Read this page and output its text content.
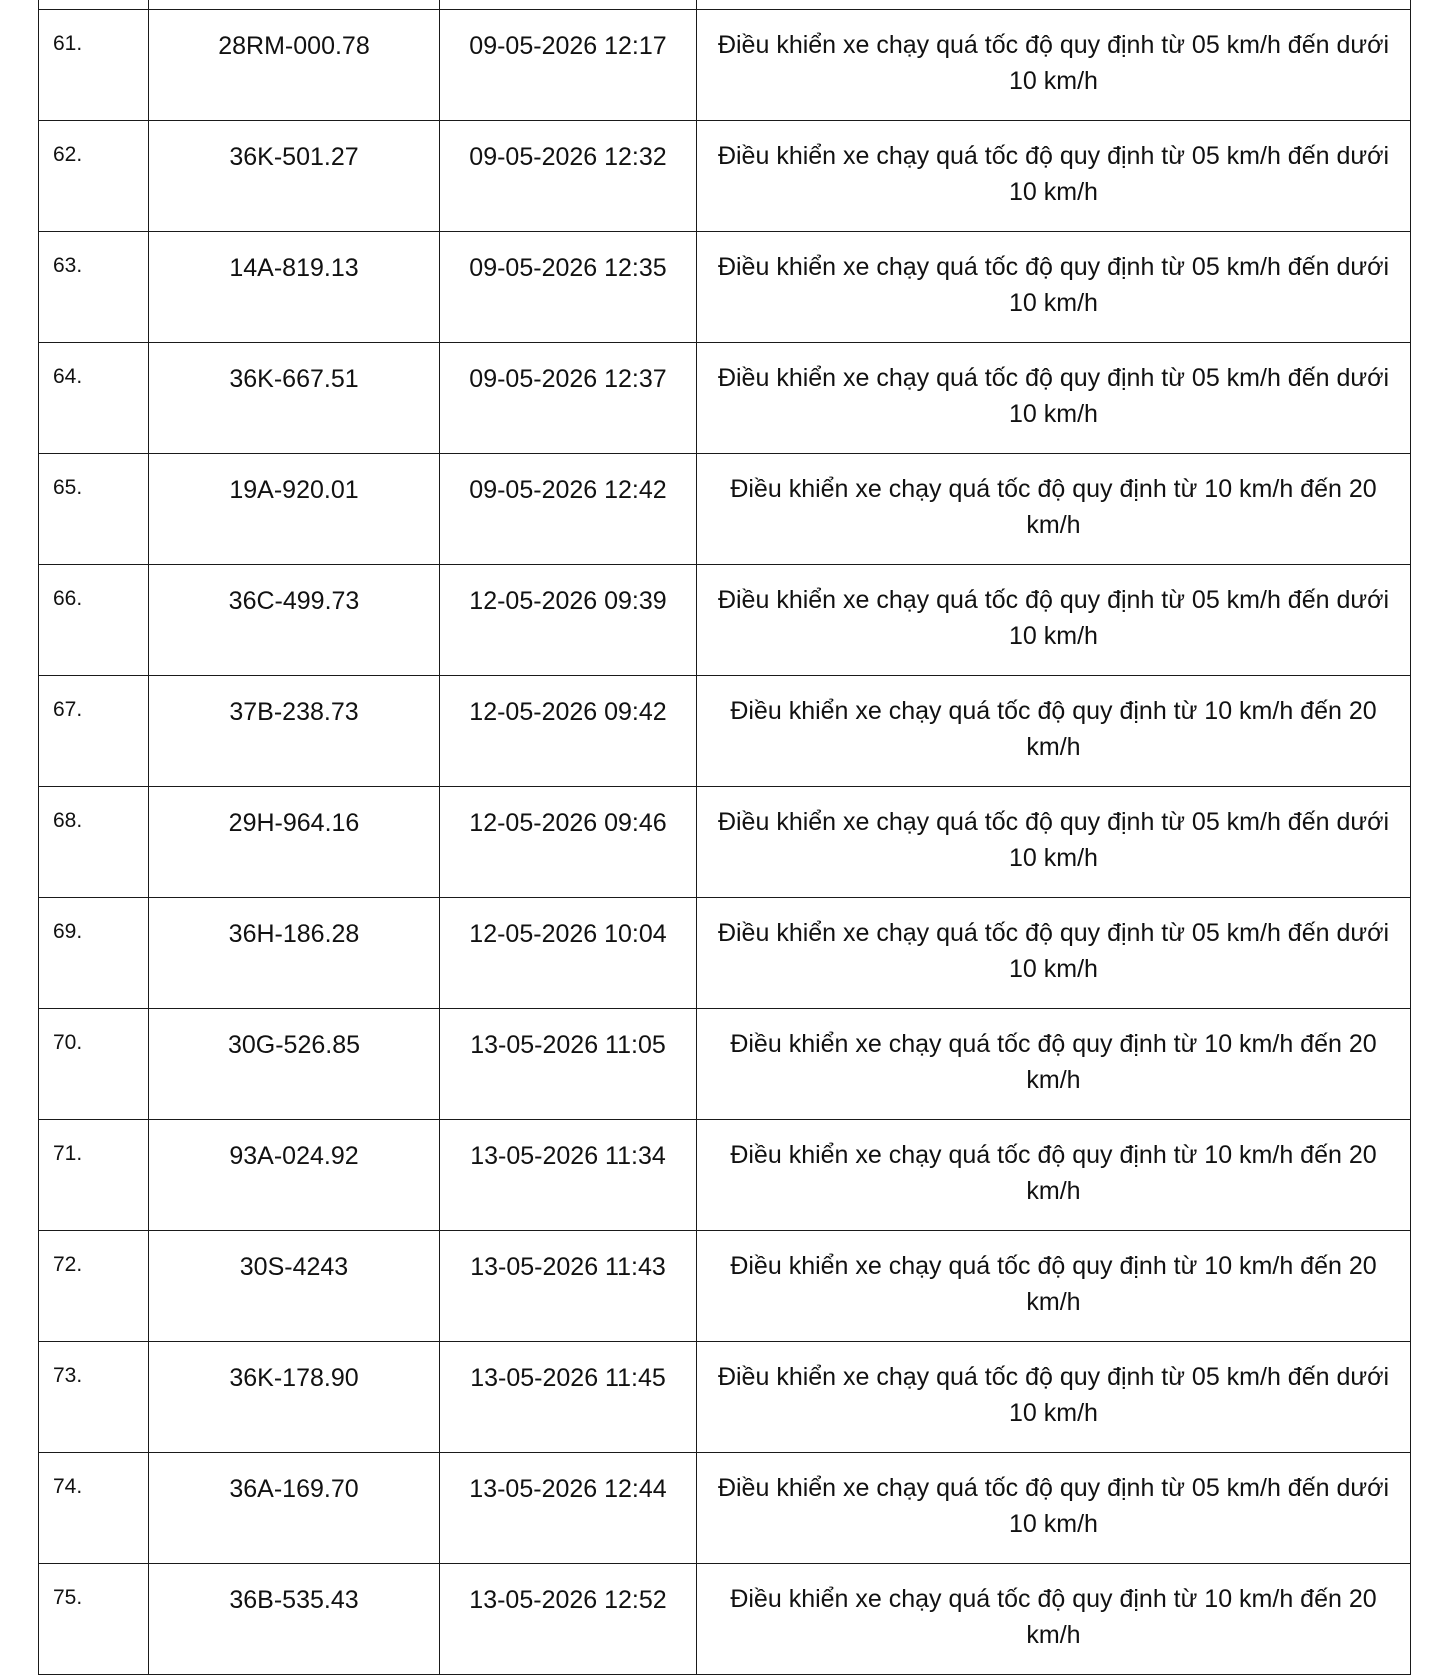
61.	28RM-000.78	09-05-2026 12:17	Điều khiển xe chạy quá tốc độ quy định từ 05 km/h đến dưới 10 km/h
62.	36K-501.27	09-05-2026 12:32	Điều khiển xe chạy quá tốc độ quy định từ 05 km/h đến dưới 10 km/h
63.	14A-819.13	09-05-2026 12:35	Điều khiển xe chạy quá tốc độ quy định từ 05 km/h đến dưới 10 km/h
64.	36K-667.51	09-05-2026 12:37	Điều khiển xe chạy quá tốc độ quy định từ 05 km/h đến dưới 10 km/h
65.	19A-920.01	09-05-2026 12:42	Điều khiển xe chạy quá tốc độ quy định từ 10 km/h đến 20 km/h
66.	36C-499.73	12-05-2026 09:39	Điều khiển xe chạy quá tốc độ quy định từ 05 km/h đến dưới 10 km/h
67.	37B-238.73	12-05-2026 09:42	Điều khiển xe chạy quá tốc độ quy định từ 10 km/h đến 20 km/h
68.	29H-964.16	12-05-2026 09:46	Điều khiển xe chạy quá tốc độ quy định từ 05 km/h đến dưới 10 km/h
69.	36H-186.28	12-05-2026 10:04	Điều khiển xe chạy quá tốc độ quy định từ 05 km/h đến dưới 10 km/h
70.	30G-526.85	13-05-2026 11:05	Điều khiển xe chạy quá tốc độ quy định từ 10 km/h đến 20 km/h
71.	93A-024.92	13-05-2026 11:34	Điều khiển xe chạy quá tốc độ quy định từ 10 km/h đến 20 km/h
72.	30S-4243	13-05-2026 11:43	Điều khiển xe chạy quá tốc độ quy định từ 10 km/h đến 20 km/h
73.	36K-178.90	13-05-2026 11:45	Điều khiển xe chạy quá tốc độ quy định từ 05 km/h đến dưới 10 km/h
74.	36A-169.70	13-05-2026 12:44	Điều khiển xe chạy quá tốc độ quy định từ 05 km/h đến dưới 10 km/h
75.	36B-535.43	13-05-2026 12:52	Điều khiển xe chạy quá tốc độ quy định từ 10 km/h đến 20 km/h
